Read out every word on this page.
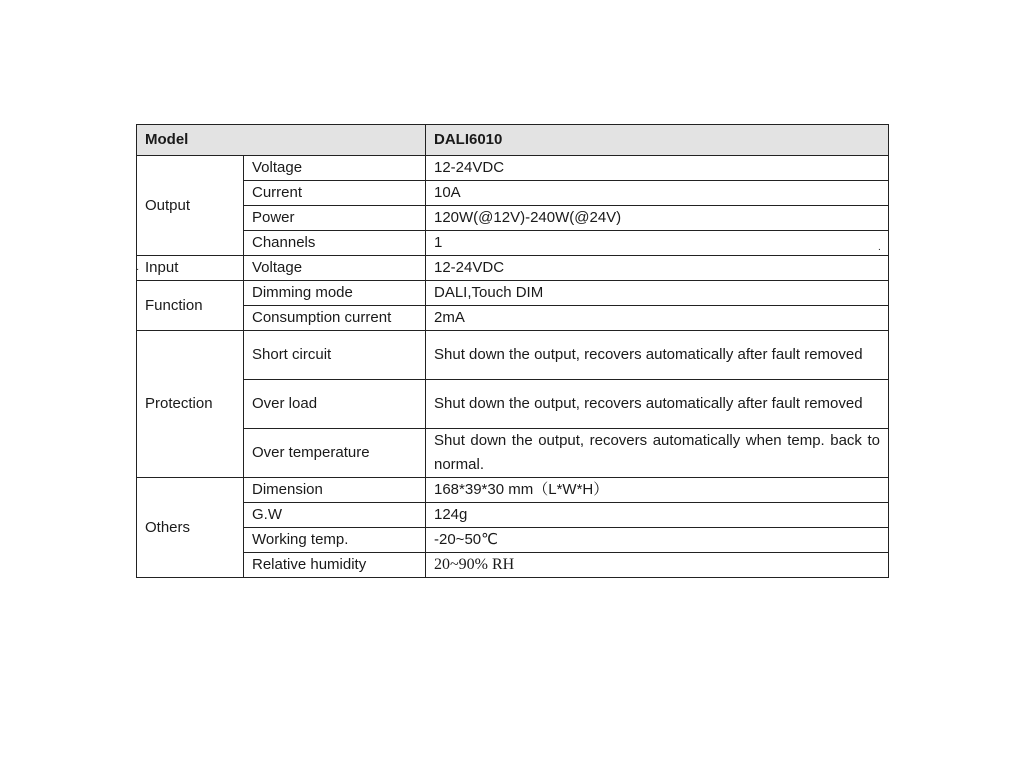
Model		DALI6010
Output	Voltage	12-24VDC
	Current	10A
	Power	120W(@12V)-240W(@24V)
	Channels	1
Input	Voltage	12-24VDC
Function	Dimming mode	DALI,Touch DIM
	Consumption current	2mA
Protection	Short circuit	Shut down the output, recovers automatically after fault removed
	Over load	Shut down the output, recovers automatically after fault removed
	Over temperature	Shut down the output, recovers automatically when temp. back to normal.
Others	Dimension	168*39*30 mm（L*W*H）
	G.W	124g
	Working temp.	-20~50℃
	Relative humidity	20~90% RH
·
.
